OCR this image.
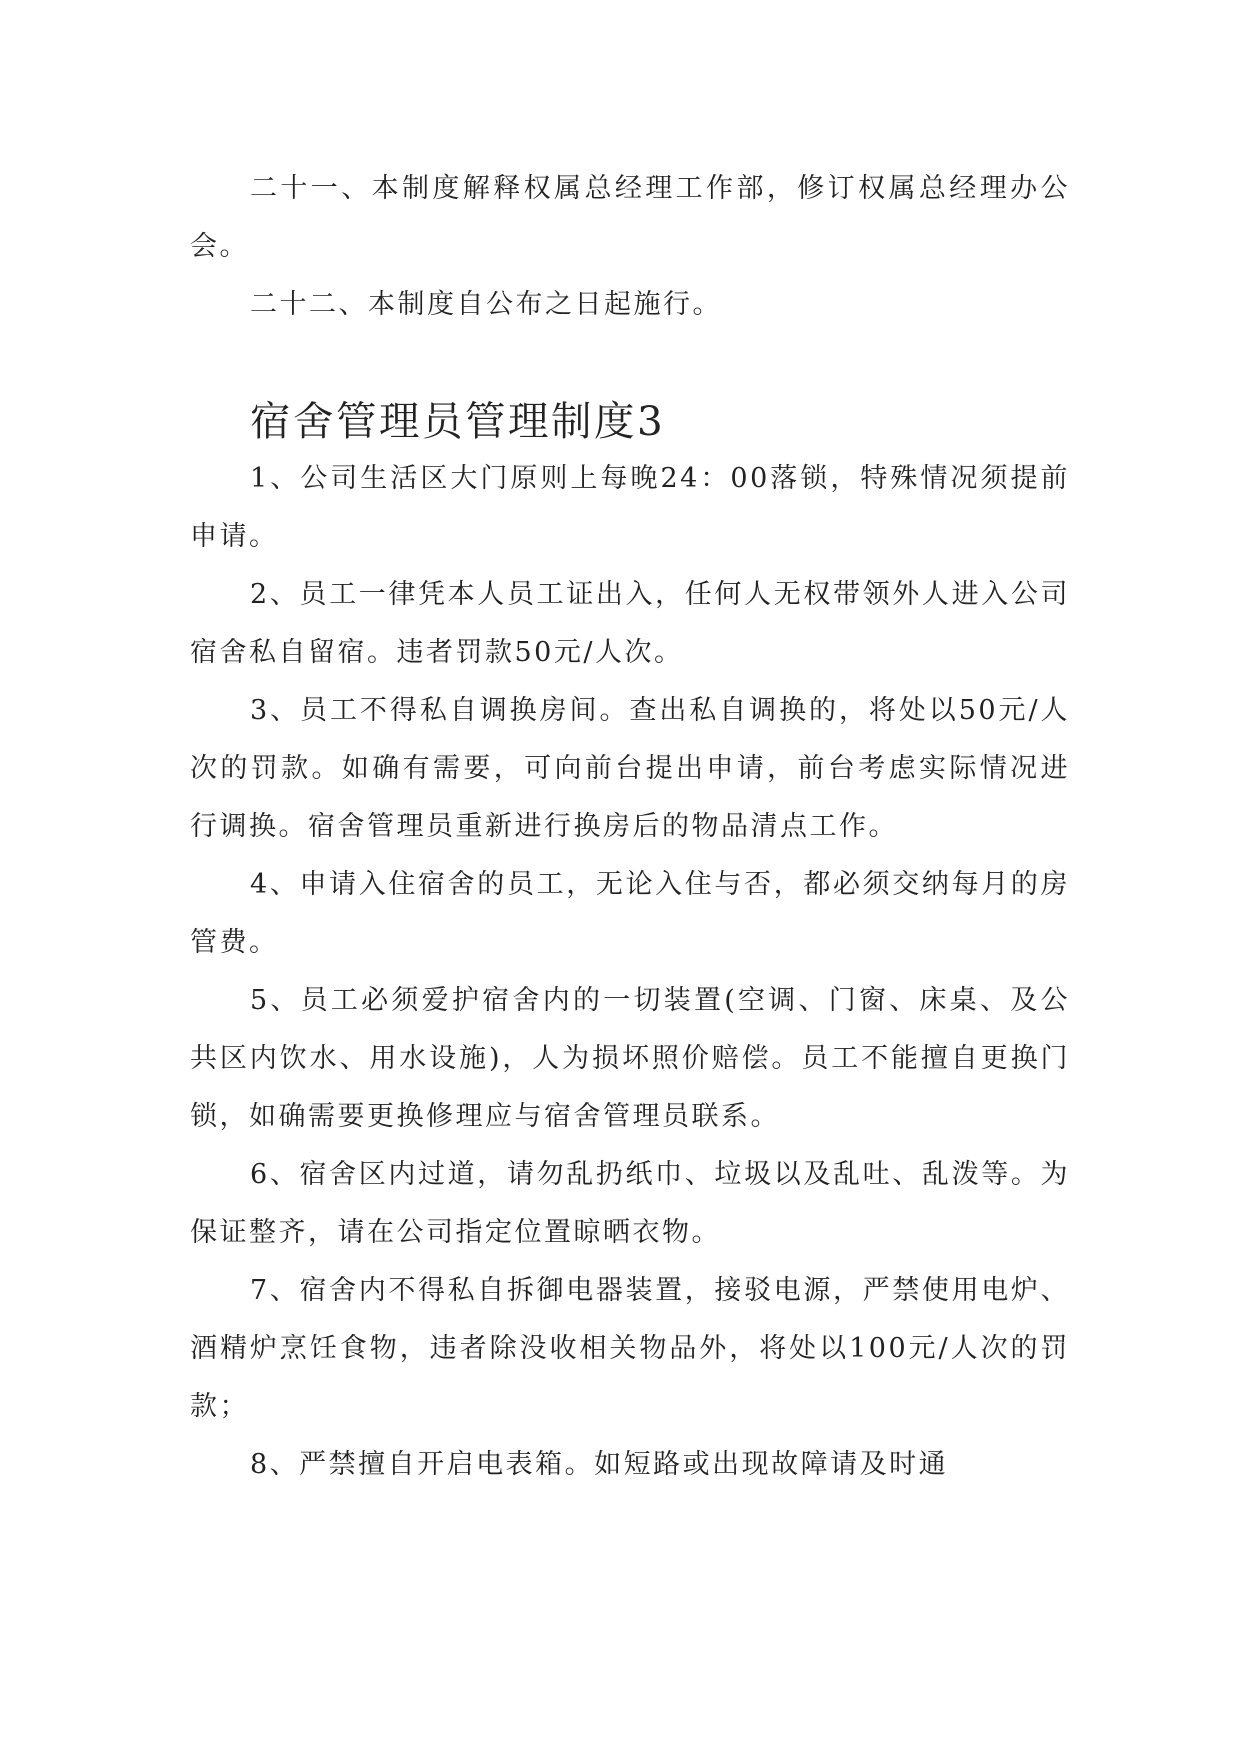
二十一、本制度解释权属总经理工作部，修订权属总经理办公会。

二十二、本制度自公布之日起施行。

宿舍管理员管理制度3

1、公司生活区大门原则上每晚24：00落锁，特殊情况须提前申请。

2、员工一律凭本人员工证出入，任何人无权带领外人进入公司宿舍私自留宿。违者罚款50元/人次。

3、员工不得私自调换房间。查出私自调换的，将处以50元/人次的罚款。如确有需要，可向前台提出申请，前台考虑实际情况进行调换。宿舍管理员重新进行换房后的物品清点工作。

4、申请入住宿舍的员工，无论入住与否，都必须交纳每月的房管费。

5、员工必须爱护宿舍内的一切装置(空调、门窗、床桌、及公共区内饮水、用水设施)，人为损坏照价赔偿。员工不能擅自更换门锁，如确需要更换修理应与宿舍管理员联系。

6、宿舍区内过道，请勿乱扔纸巾、垃圾以及乱吐、乱泼等。为保证整齐，请在公司指定位置晾晒衣物。

7、宿舍内不得私自拆御电器装置，接驳电源，严禁使用电炉、酒精炉烹饪食物，违者除没收相关物品外，将处以100元/人次的罚款；

8、严禁擅自开启电表箱。如短路或出现故障请及时通
